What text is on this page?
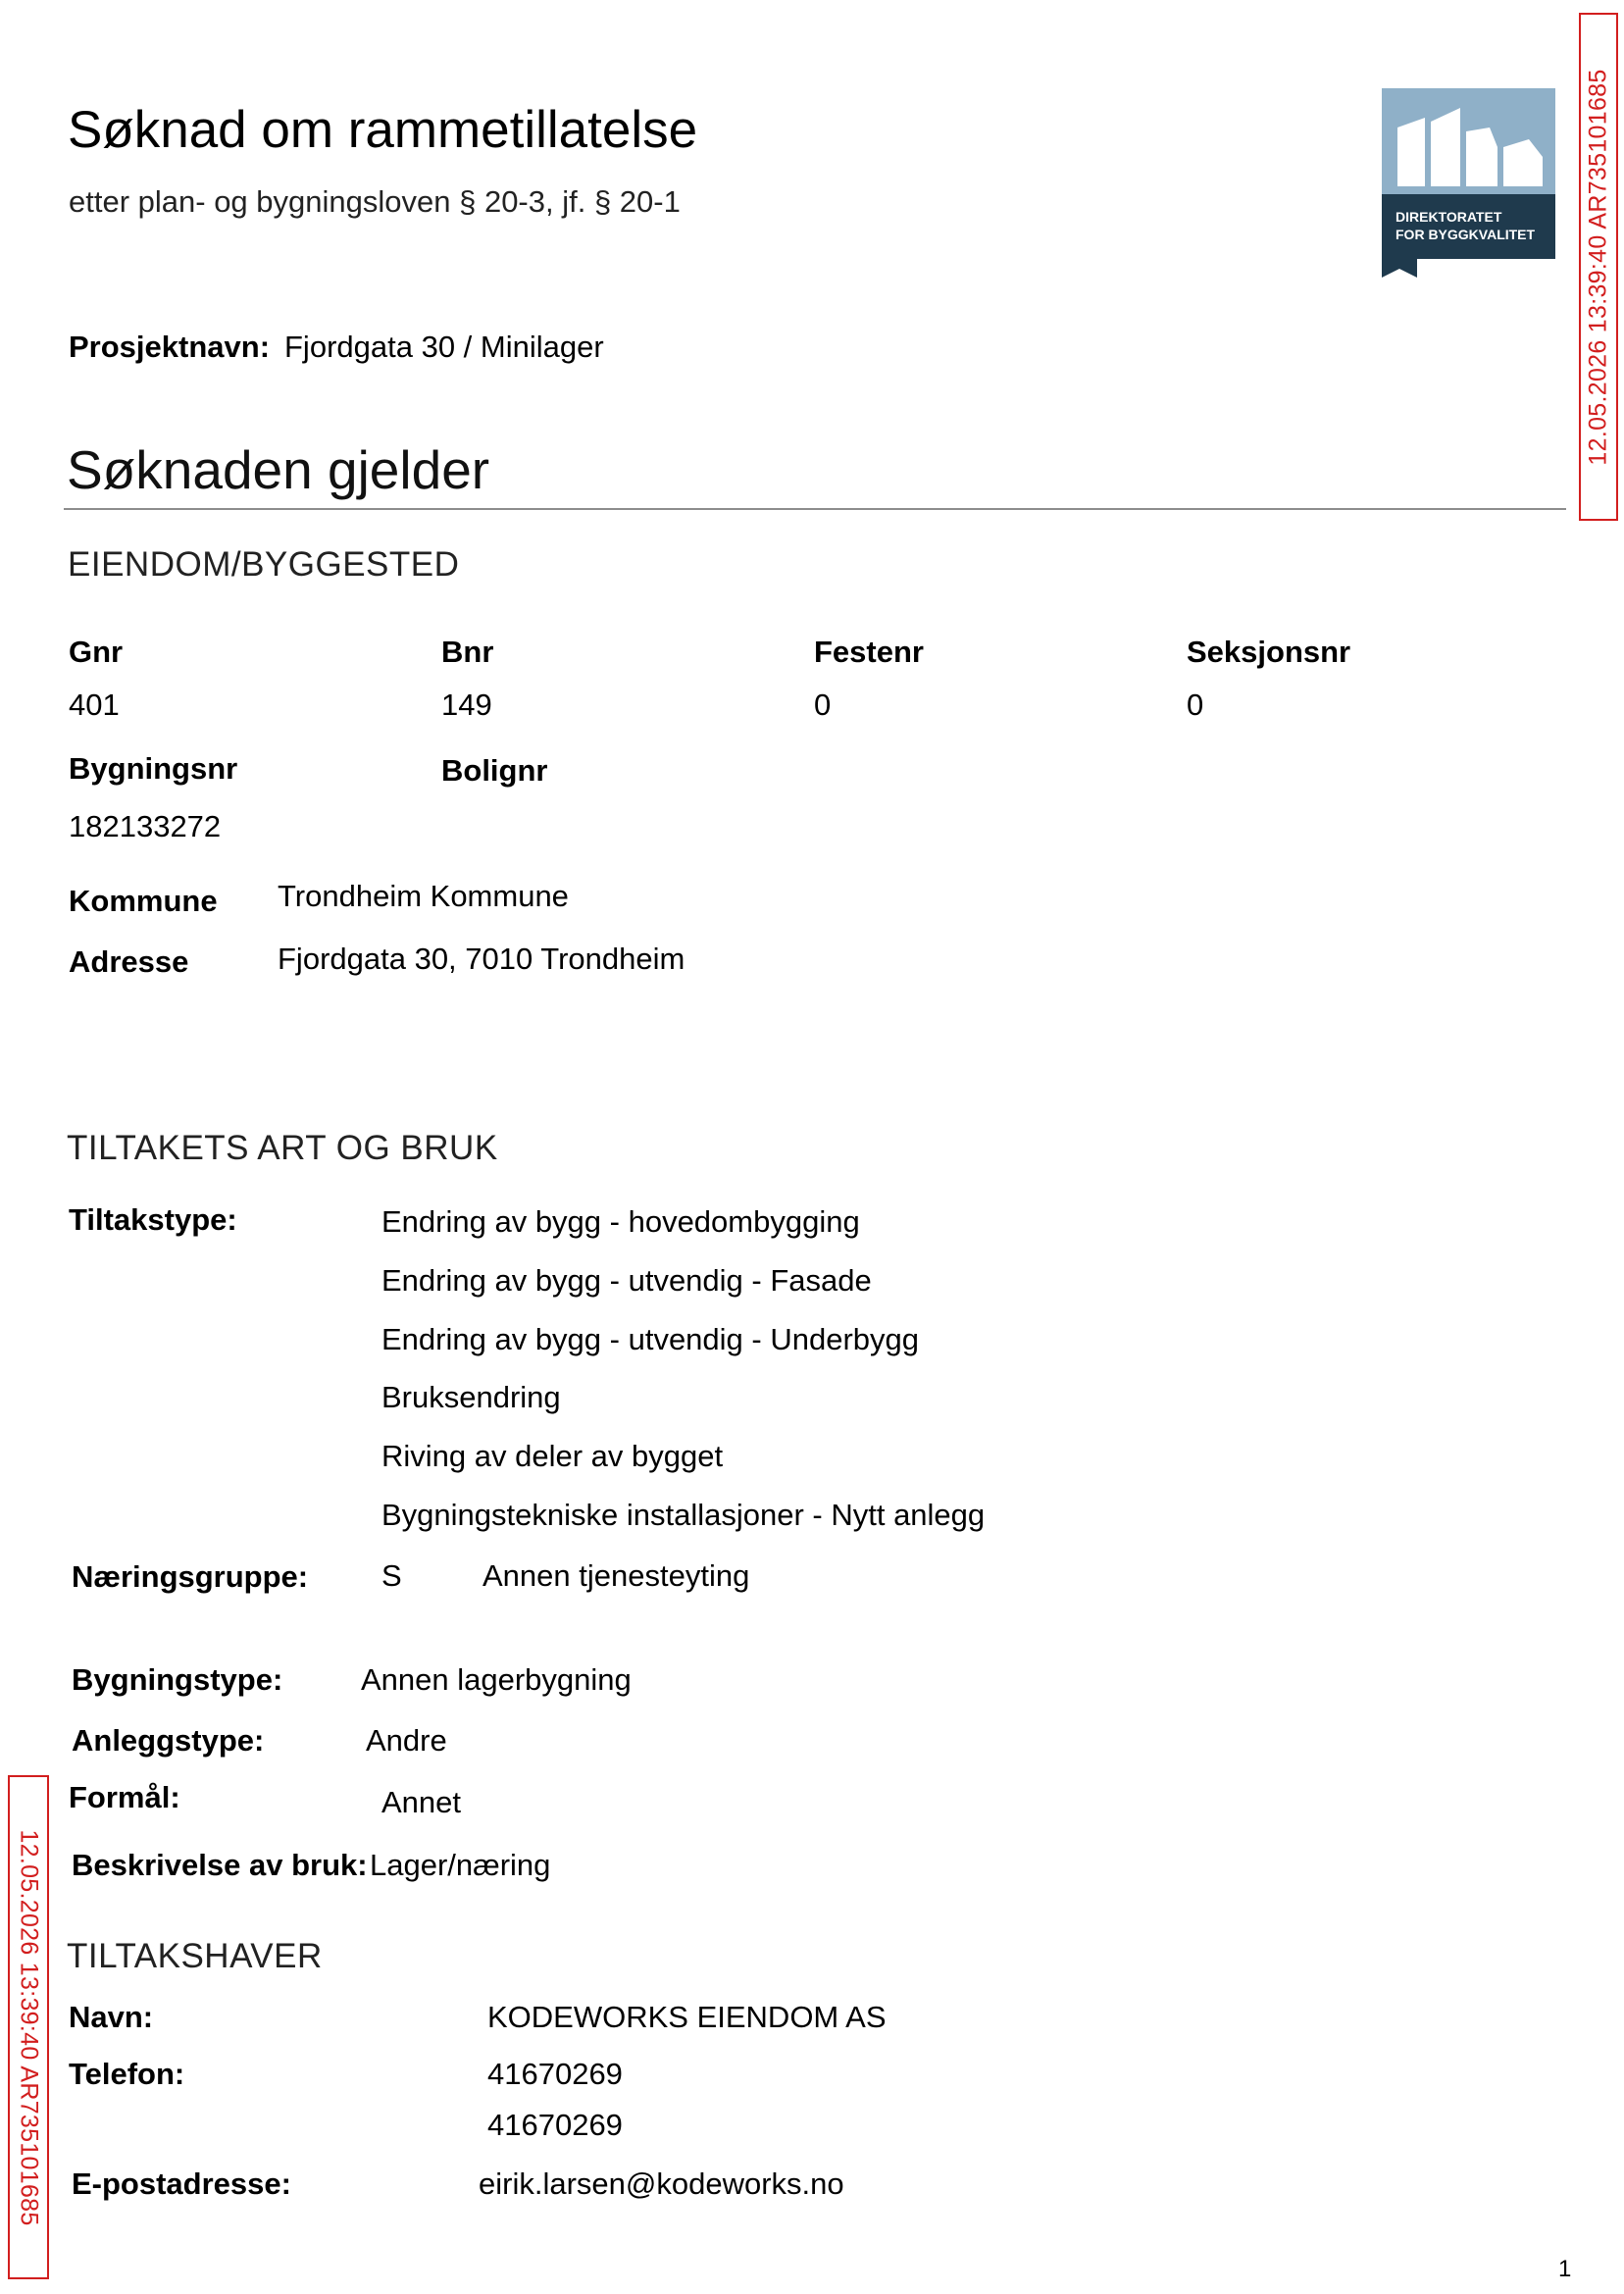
Søknad om rammetillatelse
etter plan- og bygningsloven § 20-3, jf. § 20-1	DIREKTORATET
FOR BYGGKVALITET 12.05.2026 13:39:40 AR735101685
Prosjektnavn: Fjordgata 30 / Minilager
Søknaden gjelder
EIENDOM/BYGGESTED
Gnr	Bnr	Festenr	Seksjonsnr
401	149	0	0
Bygningsnr	Bolignr
182133272
Kommune Trondheim Kommune
Adresse	Fjordgata 30, 7010 Trondheim
TILTAKETS ART OG BRUK
Tiltakstype:	Endring av bygg - hovedombygging
Endring av bygg - utvendig - Fasade
Endring av bygg - utvendig - Underbygg
Bruksendring
Riving av deler av bygget
Bygningstekniske installasjoner - Nytt anlegg
Næringsgruppe: S	Annen tjenesteyting
Bygningstype:	Annen lagerbygning
Anleggstype:	Andre
Formål:	Annet
Beskrivelse av bruk: Lager/næring
TILTAKSHAVER
Navn:	KODEWORKS EIENDOM AS
Telefon:	41670269
41670269
E-postadresse:	eirik.larsen@kodeworks.no
12.05.2026 13:39:40 AR735101685
1
